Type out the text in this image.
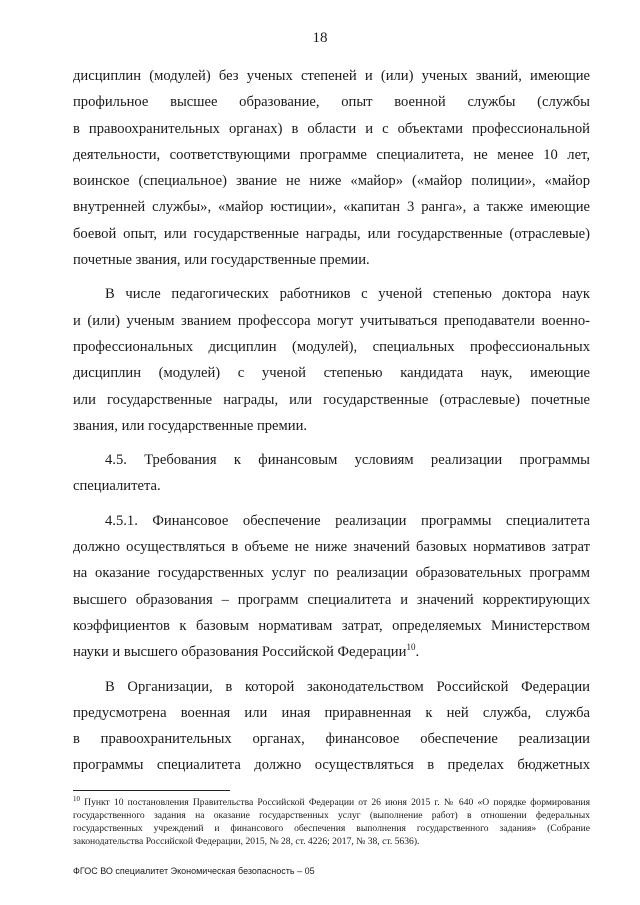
18

дисциплин (модулей) без ученых степеней и (или) ученых званий, имеющие

профильное высшее образование, опыт военной службы (службы

в правоохранительных органах) в области и с объектами профессиональной

деятельности, соответствующими программе специалитета, не менее 10 лет,

воинское (специальное) звание не ниже «майор» («майор полиции», «майор

внутренней службы», «майор юстиции», «капитан 3 ранга», а также имеющие

боевой опыт, или государственные награды, или государственные (отраслевые)

почетные звания, или государственные премии.

В числе педагогических работников с ученой степенью доктора наук

и (или) ученым званием профессора могут учитываться преподаватели военно-

профессиональных дисциплин (модулей), специальных профессиональных

дисциплин (модулей) с ученой степенью кандидата наук, имеющие

или государственные награды, или государственные (отраслевые) почетные

звания, или государственные премии.

4.5. Требования к финансовым условиям реализации программы

специалитета.

4.5.1. Финансовое обеспечение реализации программы специалитета

должно осуществляться в объеме не ниже значений базовых нормативов затрат

на оказание государственных услуг по реализации образовательных программ

высшего образования – программ специалитета и значений корректирующих

коэффициентов к базовым нормативам затрат, определяемых Министерством

науки и высшего образования Российской Федерации$^{10}$.

В Организации, в которой законодательством Российской Федерации

предусмотрена военная или иная приравненная к ней служба, служба

в правоохранительных органах, финансовое обеспечение реализации

программы специалитета должно осуществляться в пределах бюджетных

$^{10}$ Пункт 10 постановления Правительства Российской Федерации от 26 июня 2015 г. № 640 «О порядке формирования государственного задания на оказание государственных услуг (выполнение работ) в отношении федеральных государственных учреждений и финансового обеспечения выполнения государственного задания» (Собрание законодательства Российской Федерации, 2015, № 28, ст. 4226; 2017, № 38, ст. 5636).
ФГОС ВО специалитет Экономическая безопасность – 05
